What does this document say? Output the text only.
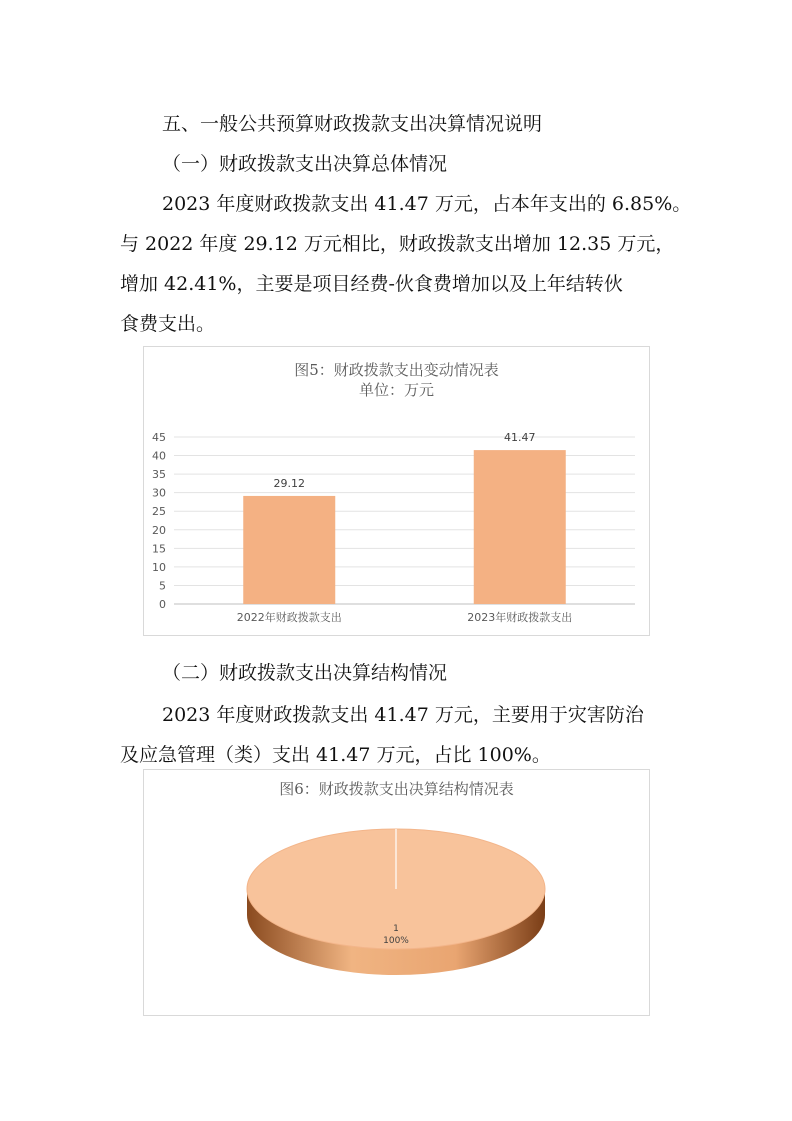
五、一般公共预算财政拨款支出决算情况说明
（一）财政拨款支出决算总体情况
2023 年度财政拨款支出 41.47 万元，占本年支出的 6.85%。
与 2022 年度 29.12 万元相比，财政拨款支出增加 12.35 万元，
增加 42.41%，主要是项目经费-伙食费增加以及上年结转伙
食费支出。
图5：财政拨款支出变动情况表
单位：万元
0
5
10
15
20
25
30
35
40
45
29.12
2022年财政拨款支出
41.47
2023年财政拨款支出
（二）财政拨款支出决算结构情况
2023 年度财政拨款支出 41.47 万元，主要用于灾害防治
及应急管理（类）支出 41.47 万元，占比 100%。
图6：财政拨款支出决算结构情况表
1
100%
